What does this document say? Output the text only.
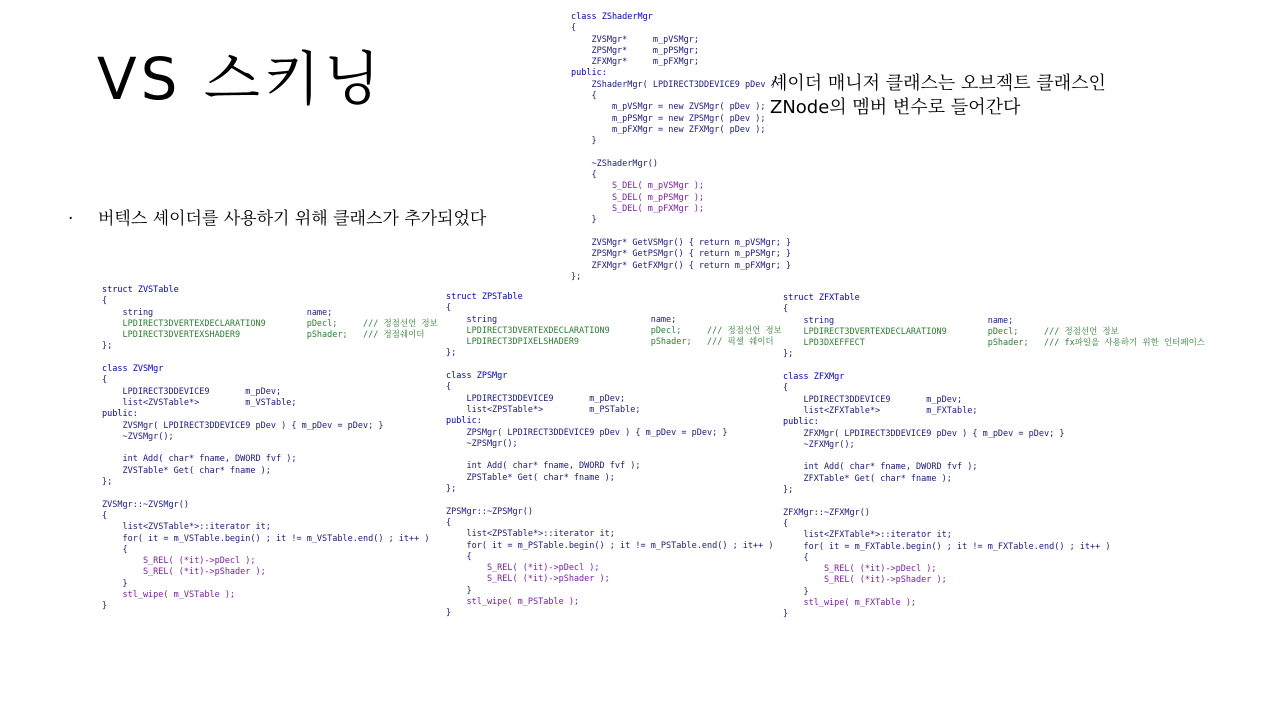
VS 스키닝
· 버텍스 셰이더를 사용하기 위해 클래스가 추가되었다
셰이더 매니저 클래스는 오브젝트 클래스인
ZNode의 멤버 변수로 들어간다
class ZShaderMgr
{
ZVSMgr*     m_pVSMgr;
ZPSMgr*     m_pPSMgr;
ZFXMgr*     m_pFXMgr;
public:
ZShaderMgr( LPDIRECT3DDEVICE9 pDev )
{
m_pVSMgr = new ZVSMgr( pDev );
m_pPSMgr = new ZPSMgr( pDev );
m_pFXMgr = new ZFXMgr( pDev );
}

~ZShaderMgr()
{
S_DEL( m_pVSMgr );
S_DEL( m_pPSMgr );
S_DEL( m_pFXMgr );
}

ZVSMgr* GetVSMgr() { return m_pVSMgr; }
ZPSMgr* GetPSMgr() { return m_pPSMgr; }
ZFXMgr* GetFXMgr() { return m_pFXMgr; }
};
struct ZVSTable
{
string                              name;
LPDIRECT3DVERTEXDECLARATION9        pDecl;     /// 정점선언 정보
LPDIRECT3DVERTEXSHADER9             pShader;   /// 정점쉐이더
};

class ZVSMgr
{
LPDIRECT3DDEVICE9       m_pDev;
list<ZVSTable*>         m_VSTable;
public:
ZVSMgr( LPDIRECT3DDEVICE9 pDev ) { m_pDev = pDev; }
~ZVSMgr();

int Add( char* fname, DWORD fvf );
ZVSTable* Get( char* fname );
};

ZVSMgr::~ZVSMgr()
{
list<ZVSTable*>::iterator it;
for( it = m_VSTable.begin() ; it != m_VSTable.end() ; it++ )
{
S_REL( (*it)->pDecl );
S_REL( (*it)->pShader );
}
stl_wipe( m_VSTable );
}
struct ZPSTable
{
string                              name;
LPDIRECT3DVERTEXDECLARATION9        pDecl;     /// 정점선언 정보
LPDIRECT3DPIXELSHADER9              pShader;   /// 픽셀 쉐이더
};

class ZPSMgr
{
LPDIRECT3DDEVICE9       m_pDev;
list<ZPSTable*>         m_PSTable;
public:
ZPSMgr( LPDIRECT3DDEVICE9 pDev ) { m_pDev = pDev; }
~ZPSMgr();

int Add( char* fname, DWORD fvf );
ZPSTable* Get( char* fname );
};

ZPSMgr::~ZPSMgr()
{
list<ZPSTable*>::iterator it;
for( it = m_PSTable.begin() ; it != m_PSTable.end() ; it++ )
{
S_REL( (*it)->pDecl );
S_REL( (*it)->pShader );
}
stl_wipe( m_PSTable );
}
struct ZFXTable
{
string                              name;
LPDIRECT3DVERTEXDECLARATION9        pDecl;     /// 정점선언 정보
LPD3DXEFFECT                        pShader;   /// fx파일을 사용하기 위한 인터페이스
};

class ZFXMgr
{
LPDIRECT3DDEVICE9       m_pDev;
list<ZFXTable*>         m_FXTable;
public:
ZFXMgr( LPDIRECT3DDEVICE9 pDev ) { m_pDev = pDev; }
~ZFXMgr();

int Add( char* fname, DWORD fvf );
ZFXTable* Get( char* fname );
};

ZFXMgr::~ZFXMgr()
{
list<ZFXTable*>::iterator it;
for( it = m_FXTable.begin() ; it != m_FXTable.end() ; it++ )
{
S_REL( (*it)->pDecl );
S_REL( (*it)->pShader );
}
stl_wipe( m_FXTable );
}
